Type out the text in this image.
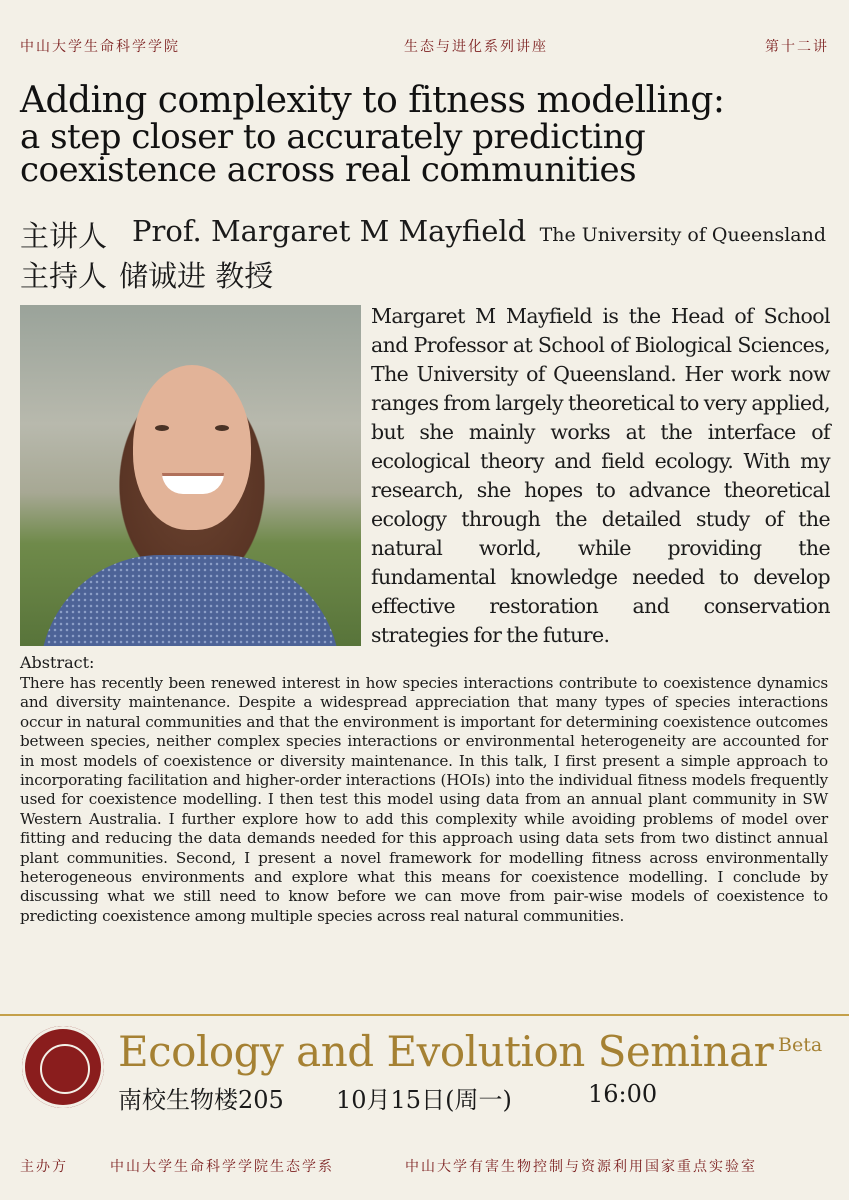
中山大学生命科学学院	生态与进化系列讲座	第十二讲
Adding complexity to fitness modelling:
a step closer to accurately predicting coexistence across real communities
主讲人 Prof. Margaret M Mayfield The University of Queensland
主持人 储诚进 教授
Margaret M Mayfield is the Head of School and Professor at School of Biological Sciences, The University of Queensland. Her work now ranges from largely theoretical to very applied, but she mainly works at the interface of ecological theory and field ecology. With my research, she hopes to advance theoretical ecology through the detailed study of the natural world, while providing the fundamental knowledge needed to develop effective restoration and conservation strategies for the future.
Abstract:
There has recently been renewed interest in how species interactions contribute to coexistence dynamics and diversity maintenance. Despite a widespread appreciation that many types of species interactions occur in natural communities and that the environment is important for determining coexistence outcomes between species, neither complex species interactions or environmental heterogeneity are accounted for in most models of coexistence or diversity maintenance. In this talk, I first present a simple approach to incorporating facilitation and higher-order interactions (HOIs) into the individual fitness models frequently used for coexistence modelling. I then test this model using data from an annual plant community in SW Western Australia. I further explore how to add this complexity while avoiding problems of model over fitting and reducing the data demands needed for this approach using data sets from two distinct annual plant communities. Second, I present a novel framework for modelling fitness across environmentally heterogeneous environments and explore what this means for coexistence modelling. I conclude by discussing what we still need to know before we can move from pair-wise models of coexistence to predicting coexistence among multiple species across real natural communities.
Ecology and Evolution Seminar Beta
南校生物楼205 10月15日(周一)	16:00
主办方	中山大学生命科学学院生态学系	中山大学有害生物控制与资源利用国家重点实验室
